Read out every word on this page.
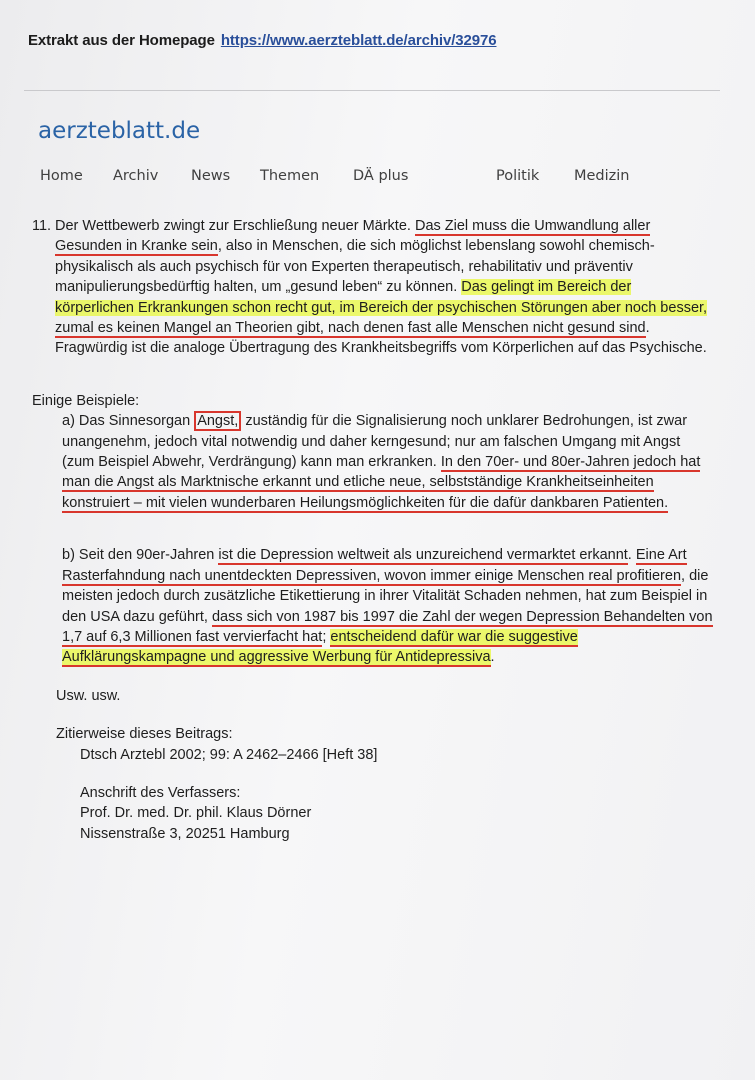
Extrakt aus der Homepage https://www.aerzteblatt.de/archiv/32976
aerzteblatt.de
Home Archiv News Themen DÄ plus	Politik Medizin
11. Der Wettbewerb zwingt zur Erschließung neuer Märkte. Das Ziel muss die Umwandlung aller Gesunden in Kranke sein, also in Menschen, die sich möglichst lebenslang sowohl chemisch-physikalisch als auch psychisch für von Experten therapeutisch, rehabilitativ und präventiv manipulierungsbedürftig halten, um „gesund leben“ zu können. Das gelingt im Bereich der körperlichen Erkrankungen schon recht gut, im Bereich der psychischen Störungen aber noch besser, zumal es keinen Mangel an Theorien gibt, nach denen fast alle Menschen nicht gesund sind. Fragwürdig ist die analoge Übertragung des Krankheitsbegriffs vom Körperlichen auf das Psychische.

Einige Beispiele:

a) Das Sinnesorgan Angst, zuständig für die Signalisierung noch unklarer Bedrohungen, ist zwar unangenehm, jedoch vital notwendig und daher kerngesund; nur am falschen Umgang mit Angst (zum Beispiel Abwehr, Verdrängung) kann man erkranken. In den 70er- und 80er-Jahren jedoch hat man die Angst als Marktnische erkannt und etliche neue, selbstständige Krankheitseinheiten konstruiert – mit vielen wunderbaren Heilungsmöglichkeiten für die dafür dankbaren Patienten.

b) Seit den 90er-Jahren ist die Depression weltweit als unzureichend vermarktet erkannt. Eine Art Rasterfahndung nach unentdeckten Depressiven, wovon immer einige Menschen real profitieren, die meisten jedoch durch zusätzliche Etikettierung in ihrer Vitalität Schaden nehmen, hat zum Beispiel in den USA dazu geführt, dass sich von 1987 bis 1997 die Zahl der wegen Depression Behandelten von 1,7 auf 6,3 Millionen fast vervierfacht hat; entscheidend dafür war die suggestive Aufklärungskampagne und aggressive Werbung für Antidepressiva.

Usw. usw.

Zitierweise dieses Beitrags:

Dtsch Arztebl 2002; 99: A 2462–2466 [Heft 38]

Anschrift des Verfassers:

Prof. Dr. med. Dr. phil. Klaus Dörner

Nissenstraße 3, 20251 Hamburg
